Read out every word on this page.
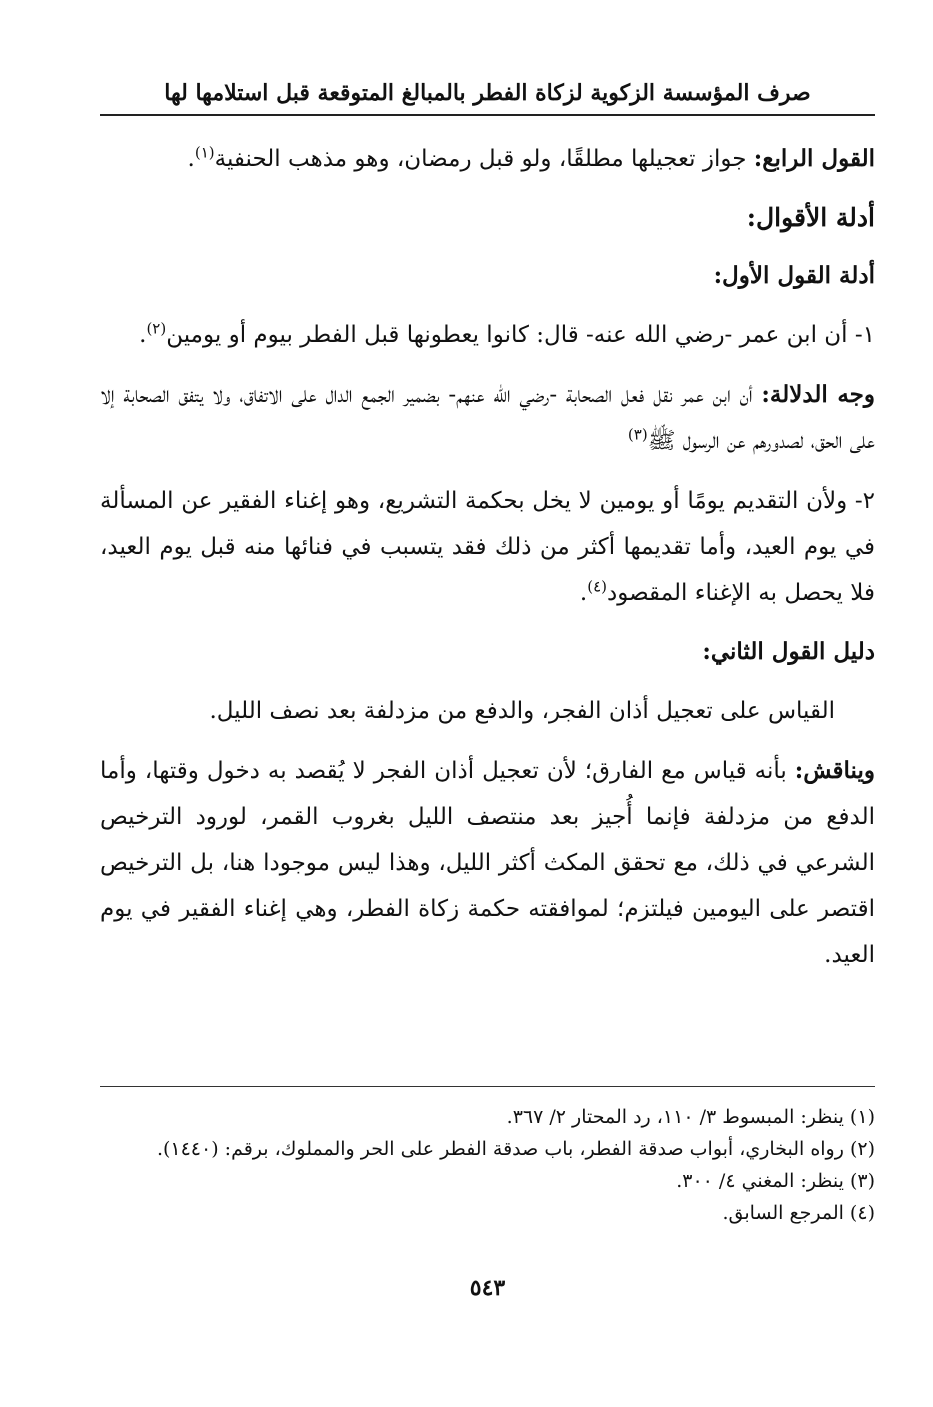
صرف المؤسسة الزكوية لزكاة الفطر بالمبالغ المتوقعة قبل استلامها لها

القول الرابع: جواز تعجيلها مطلقًا، ولو قبل رمضان، وهو مذهب الحنفية$^{(١)}$.

أدلة الأقوال:
أدلة القول الأول:

١- أن ابن عمر -رضي الله عنه- قال: كانوا يعطونها قبل الفطر بيوم أو يومين$^{(٢)}$.

وجه الدلالة: أن ابن عمر نقل فعل الصحابة -رضي الله عنهم- بضمير الجمع الدال على الاتفاق، ولا يتفق الصحابة إلا على الحق، لصدورهم عن الرسول ﷺ$^{(٣)}$

٢- ولأن التقديم يومًا أو يومين لا يخل بحكمة التشريع، وهو إغناء الفقير عن المسألة في يوم العيد، وأما تقديمها أكثر من ذلك فقد يتسبب في فنائها منه قبل يوم العيد، فلا يحصل به الإغناء المقصود$^{(٤)}$.

دليل القول الثاني:

القياس على تعجيل أذان الفجر، والدفع من مزدلفة بعد نصف الليل.

ويناقش: بأنه قياس مع الفارق؛ لأن تعجيل أذان الفجر لا يُقصد به دخول وقتها، وأما الدفع من مزدلفة فإنما أُجيز بعد منتصف الليل بغروب القمر، لورود الترخيص الشرعي في ذلك، مع تحقق المكث أكثر الليل، وهذا ليس موجودا هنا، بل الترخيص اقتصر على اليومين فيلتزم؛ لموافقته حكمة زكاة الفطر، وهي إغناء الفقير في يوم العيد.

(١) ينظر: المبسوط ٣/ ١١٠، رد المحتار ٢/ ٣٦٧.

(٢) رواه البخاري، أبواب صدقة الفطر، باب صدقة الفطر على الحر والمملوك، برقم: (١٤٤٠).

(٣) ينظر: المغني ٤/ ٣٠٠.

(٤) المرجع السابق.

٥٤٣
